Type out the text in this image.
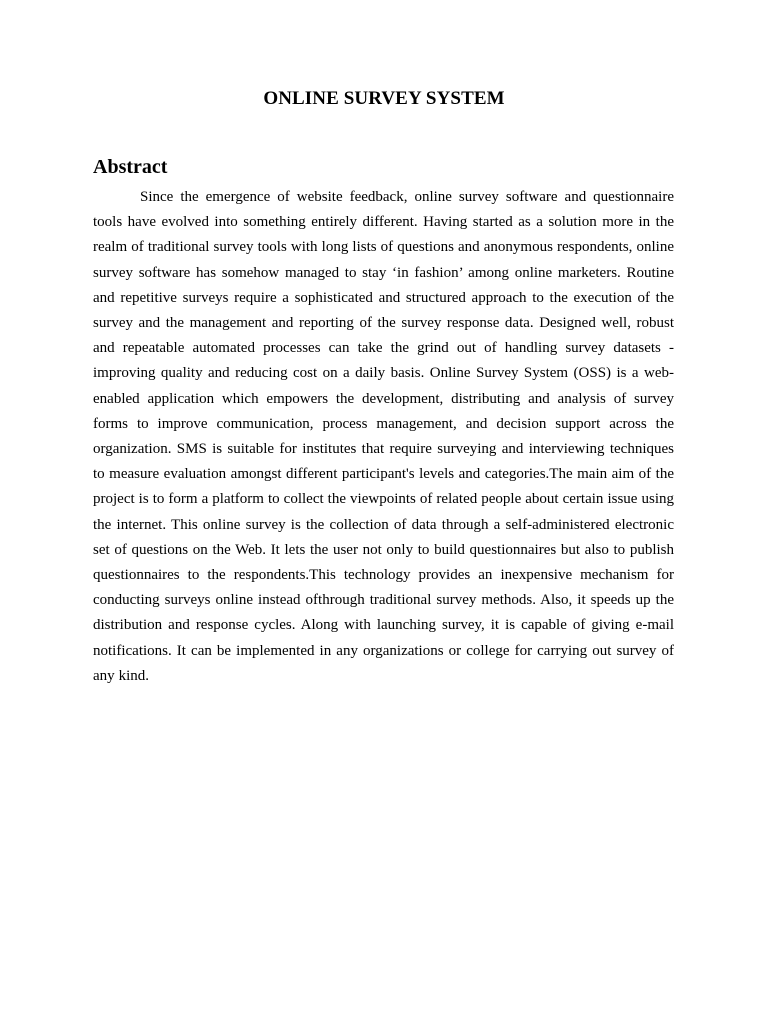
ONLINE SURVEY SYSTEM
Abstract

Since the emergence of website feedback, online survey software and questionnaire tools have evolved into something entirely different. Having started as a solution more in the realm of traditional survey tools with long lists of questions and anonymous respondents, online survey software has somehow managed to stay ‘in fashion’ among online marketers. Routine and repetitive surveys require a sophisticated and structured approach to the execution of the survey and the management and reporting of the survey response data. Designed well, robust and repeatable automated processes can take the grind out of handling survey datasets - improving quality and reducing cost on a daily basis. Online Survey System (OSS) is a web-enabled application which empowers the development, distributing and analysis of survey forms to improve communication, process management, and decision support across the organization. SMS is suitable for institutes that require surveying and interviewing techniques to measure evaluation amongst different participant's levels and categories.The main aim of the project is to form a platform to collect the viewpoints of related people about certain issue using the internet. This online survey is the collection of data through a self-administered electronic set of questions on the Web. It lets the user not only to build questionnaires but also to publish questionnaires to the respondents.This technology provides an inexpensive mechanism for conducting surveys online instead ofthrough traditional survey methods. Also, it speeds up the distribution and response cycles. Along with launching survey, it is capable of giving e-mail notifications. It can be implemented in any organizations or college for carrying out survey of any kind.
